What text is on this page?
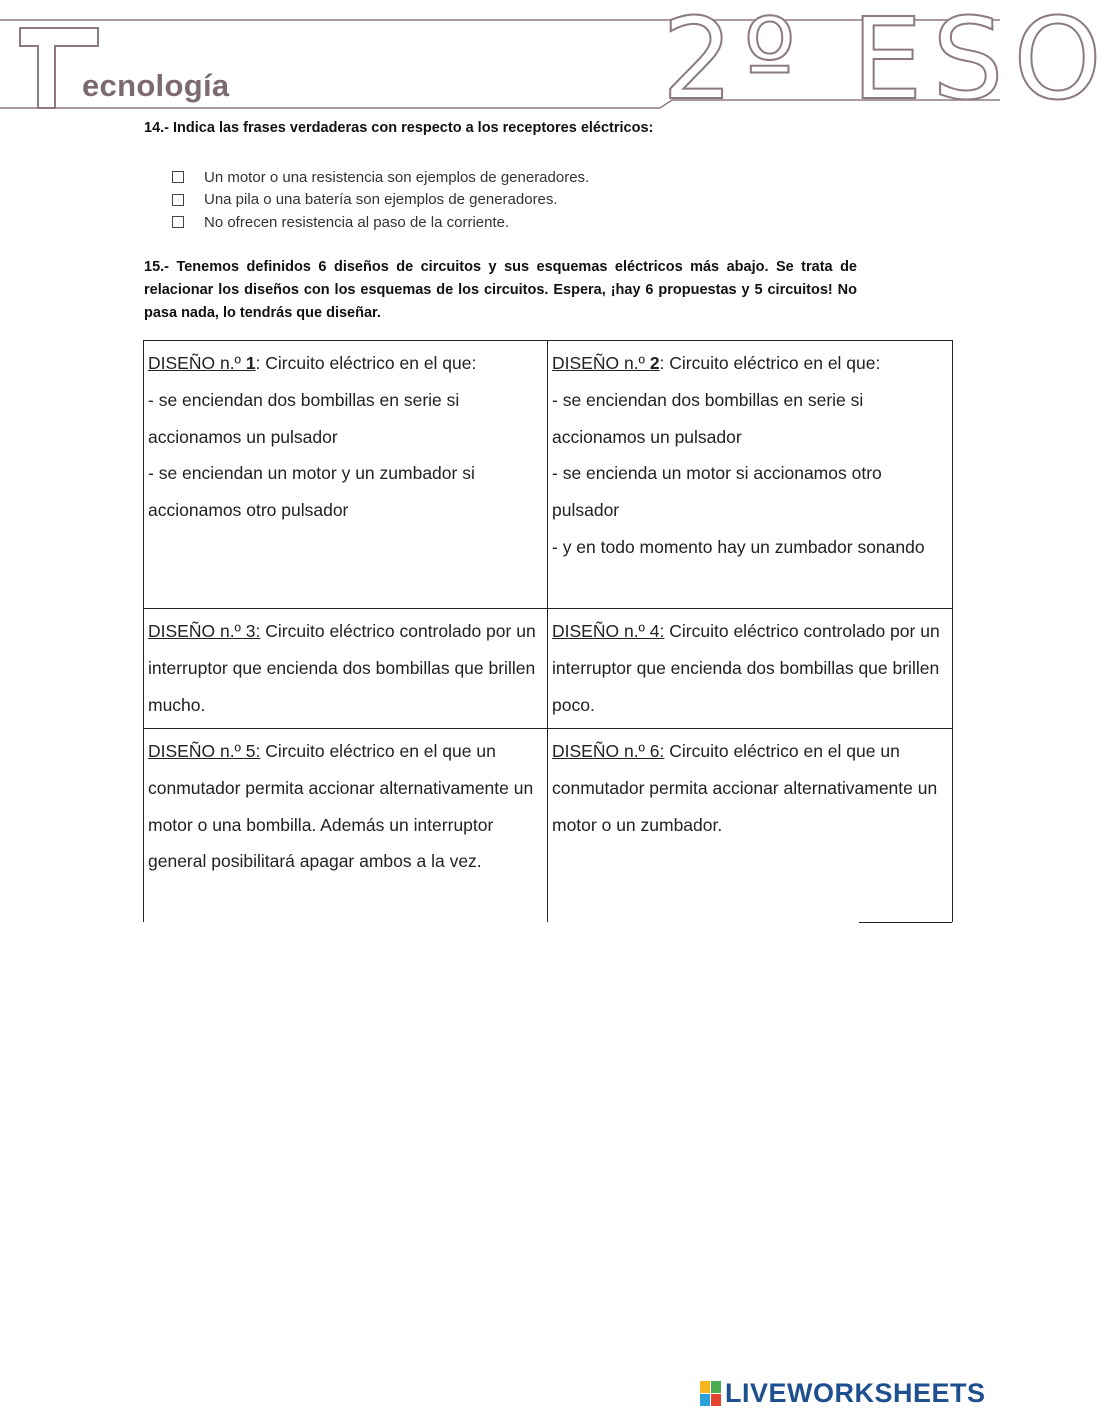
ecnología	2º ESO
14.- Indica las frases verdaderas con respecto a los receptores eléctricos:
Un motor o una resistencia son ejemplos de generadores.
Una pila o una batería son ejemplos de generadores.
No ofrecen resistencia al paso de la corriente.
15.- Tenemos definidos 6 diseños de circuitos y sus esquemas eléctricos más abajo. Se trata de relacionar los diseños con los esquemas de los circuitos. Espera, ¡hay 6 propuestas y 5 circuitos! No pasa nada, lo tendrás que diseñar.

DISEÑO n.º 1: Circuito eléctrico en el que:

- se enciendan dos bombillas en serie si accionamos un pulsador

- se enciendan un motor y un zumbador si accionamos otro pulsador

DISEÑO n.º 2: Circuito eléctrico en el que:

- se enciendan dos bombillas en serie si accionamos un pulsador

- se encienda un motor si accionamos otro pulsador

- y en todo momento hay un zumbador sonando

DISEÑO n.º 3: Circuito eléctrico controlado por un interruptor que encienda dos bombillas que brillen mucho.

DISEÑO n.º 4: Circuito eléctrico controlado por un interruptor que encienda dos bombillas que brillen poco.

DISEÑO n.º 5: Circuito eléctrico en el que un conmutador permita accionar alternativamente un motor o una bombilla. Además un interruptor general posibilitará apagar ambos a la vez.

DISEÑO n.º 6: Circuito eléctrico en el que un conmutador permita accionar alternativamente un motor o un zumbador.

LIVEWORKSHEETS
